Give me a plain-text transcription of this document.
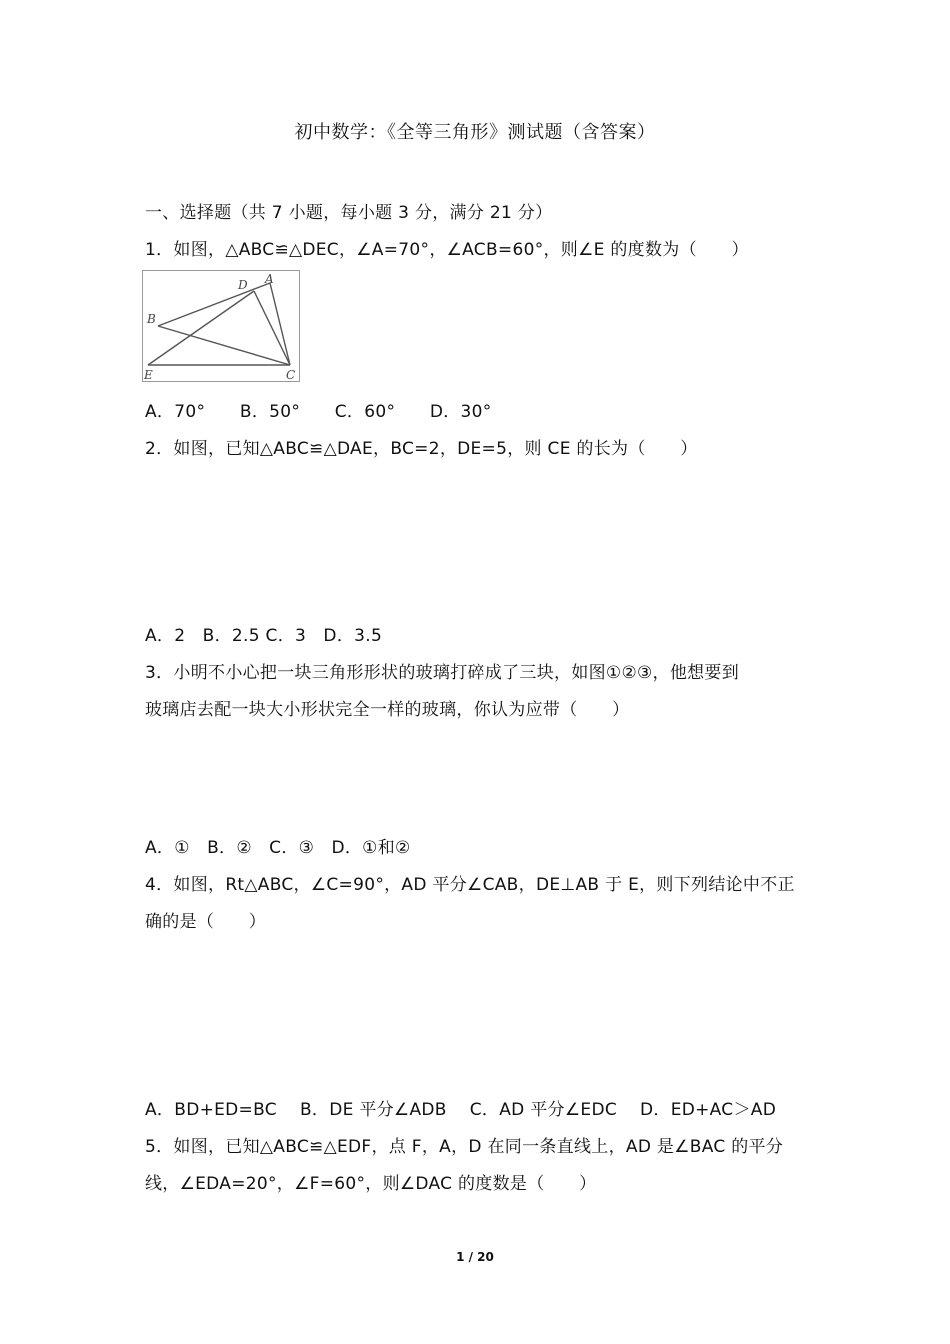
初中数学：《全等三角形》测试题（含答案）
一、选择题（共 7 小题，每小题 3 分，满分 21 分）
1．如图，△ABC≌△DEC，∠A=70°，∠ACB=60°，则∠E 的度数为（　　）
A
B
C
D
E
A．70°　　B．50°　　C．60°　　D．30°
2．如图，已知△ABC≌△DAE，BC=2，DE=5，则 CE 的长为（　　）
A．2　B．2.5 C．3　D．3.5
3．小明不小心把一块三角形形状的玻璃打碎成了三块，如图①②③，他想要到
玻璃店去配一块大小形状完全一样的玻璃，你认为应带（　　）
A．①　B．②　C．③　D．①和②
4．如图，Rt△ABC，∠C=90°，AD 平分∠CAB，DE⊥AB 于 E，则下列结论中不正
确的是（　　）
A．BD+ED=BC　 B．DE 平分∠ADB　 C．AD 平分∠EDC　 D．ED+AC＞AD
5．如图，已知△ABC≌△EDF，点 F，A，D 在同一条直线上，AD 是∠BAC 的平分
线，∠EDA=20°，∠F=60°，则∠DAC 的度数是（　　）
1 / 20
